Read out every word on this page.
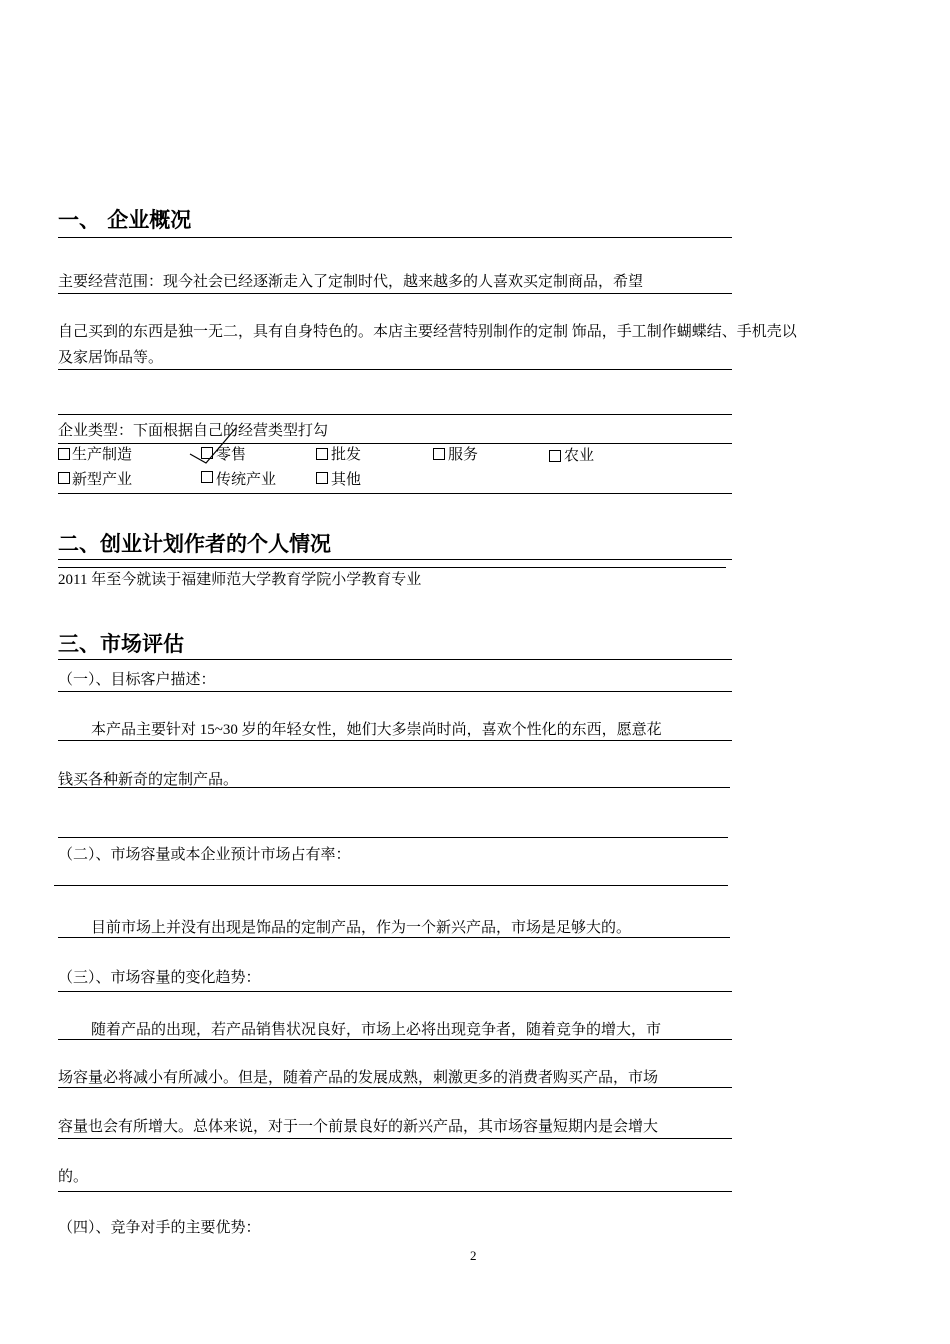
一、 企业概况
主要经营范围：现今社会已经逐渐走入了定制时代，越来越多的人喜欢买定制商品，希望
自己买到的东西是独一无二，具有自身特色的。本店主要经营特别制作的定制 饰品，手工制作蝴蝶结、手机壳以
及家居饰品等。
企业类型：下面根据自己的经营类型打勾
生产制造	零售	批发	服务	农业
新型产业	传统产业	其他
二、创业计划作者的个人情况
2011 年至今就读于福建师范大学教育学院小学教育专业
三、市场评估
（一）、目标客户描述：
本产品主要针对 15~30 岁的年轻女性，她们大多崇尚时尚，喜欢个性化的东西，愿意花
钱买各种新奇的定制产品。
（二）、市场容量或本企业预计市场占有率：
目前市场上并没有出现是饰品的定制产品，作为一个新兴产品，市场是足够大的。
（三）、市场容量的变化趋势：
随着产品的出现，若产品销售状况良好，市场上必将出现竞争者，随着竞争的增大，市
场容量必将减小有所减小。但是，随着产品的发展成熟，刺激更多的消费者购买产品，市场
容量也会有所增大。总体来说，对于一个前景良好的新兴产品，其市场容量短期内是会增大
的。
（四）、竞争对手的主要优势：
2
